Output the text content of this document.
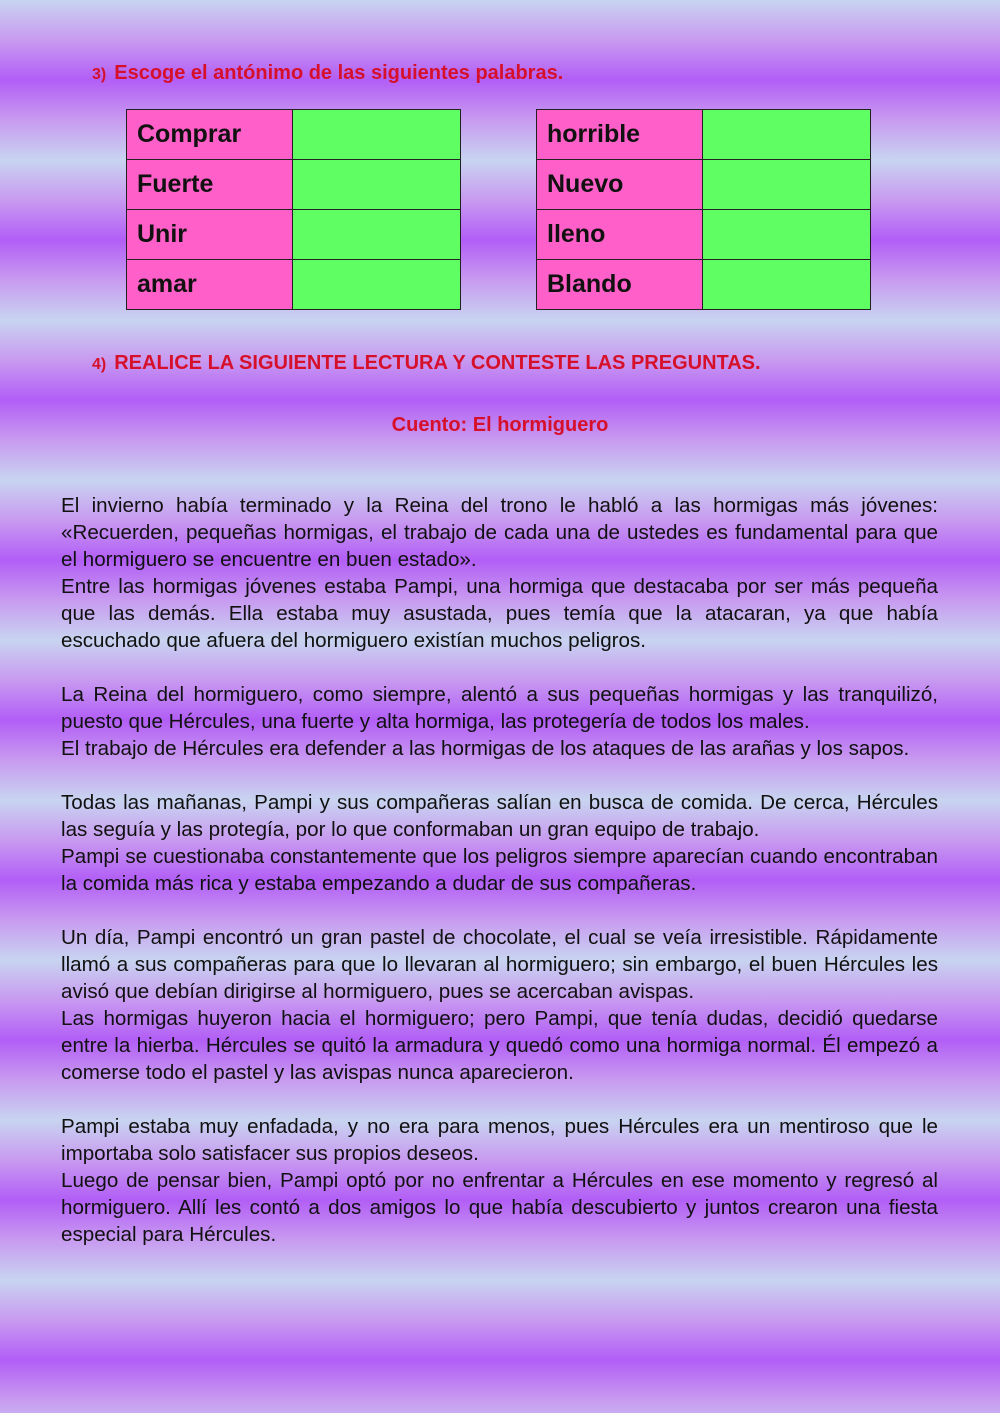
3) Escoge el antónimo de las siguientes palabras.
Comprar	
Fuerte	
Unir	
amar	
horrible	
Nuevo	
lleno	
Blando	
4) REALICE LA SIGUIENTE LECTURA Y CONTESTE LAS PREGUNTAS.
Cuento: El hormiguero

El invierno había terminado y la Reina del trono le habló a las hormigas más jóvenes: «Recuerden, pequeñas hormigas, el trabajo de cada una de ustedes es fundamental para que el hormiguero se encuentre en buen estado».

Entre las hormigas jóvenes estaba Pampi, una hormiga que destacaba por ser más pequeña que las demás. Ella estaba muy asustada, pues temía que la atacaran, ya que había escuchado que afuera del hormiguero existían muchos peligros.

La Reina del hormiguero, como siempre, alentó a sus pequeñas hormigas y las tranquilizó, puesto que Hércules, una fuerte y alta hormiga, las protegería de todos los males.

El trabajo de Hércules era defender a las hormigas de los ataques de las arañas y los sapos.

Todas las mañanas, Pampi y sus compañeras salían en busca de comida. De cerca, Hércules las seguía y las protegía, por lo que conformaban un gran equipo de trabajo.

Pampi se cuestionaba constantemente que los peligros siempre aparecían cuando encontraban la comida más rica y estaba empezando a dudar de sus compañeras.

Un día, Pampi encontró un gran pastel de chocolate, el cual se veía irresistible. Rápidamente llamó a sus compañeras para que lo llevaran al hormiguero; sin embargo, el buen Hércules les avisó que debían dirigirse al hormiguero, pues se acercaban avispas.

Las hormigas huyeron hacia el hormiguero; pero Pampi, que tenía dudas, decidió quedarse entre la hierba. Hércules se quitó la armadura y quedó como una hormiga normal. Él empezó a comerse todo el pastel y las avispas nunca aparecieron.

Pampi estaba muy enfadada, y no era para menos, pues Hércules era un mentiroso que le importaba solo satisfacer sus propios deseos.

Luego de pensar bien, Pampi optó por no enfrentar a Hércules en ese momento y regresó al hormiguero. Allí les contó a dos amigos lo que había descubierto y juntos crearon una fiesta especial para Hércules.
